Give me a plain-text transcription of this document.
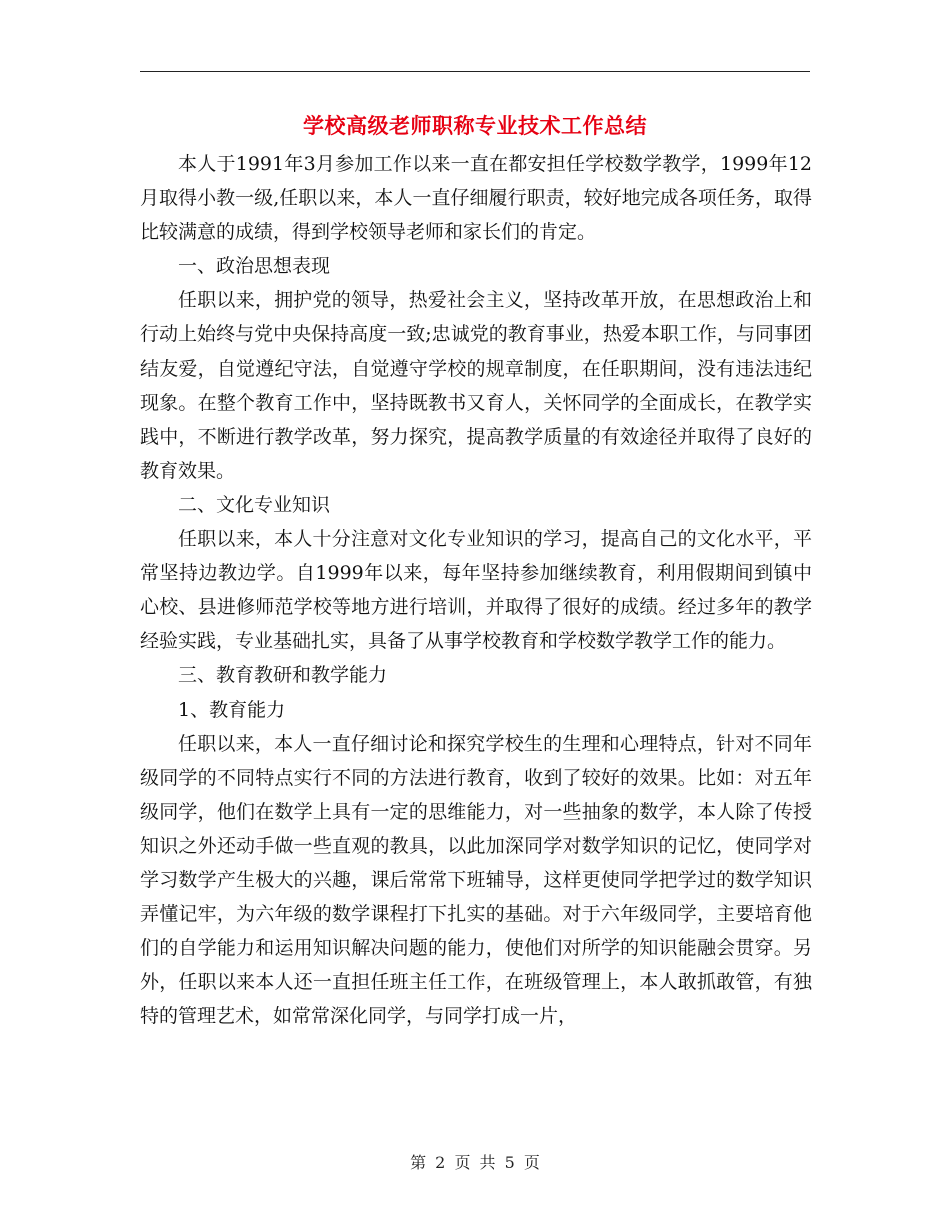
学校高级老师职称专业技术工作总结

本人于1991年3月参加工作以来一直在都安担任学校数学教学，1999年12月取得小教一级,任职以来，本人一直仔细履行职责，较好地完成各项任务，取得比较满意的成绩，得到学校领导老师和家长们的肯定。

一、政治思想表现

任职以来，拥护党的领导，热爱社会主义，坚持改革开放，在思想政治上和行动上始终与党中央保持高度一致;忠诚党的教育事业，热爱本职工作，与同事团结友爱，自觉遵纪守法，自觉遵守学校的规章制度，在任职期间，没有违法违纪现象。在整个教育工作中，坚持既教书又育人，关怀同学的全面成长，在教学实践中，不断进行教学改革，努力探究，提高教学质量的有效途径并取得了良好的教育效果。

二、文化专业知识

任职以来，本人十分注意对文化专业知识的学习，提高自己的文化水平，平常坚持边教边学。自1999年以来，每年坚持参加继续教育，利用假期间到镇中心校、县进修师范学校等地方进行培训，并取得了很好的成绩。经过多年的教学经验实践，专业基础扎实，具备了从事学校教育和学校数学教学工作的能力。

三、教育教研和教学能力

1、教育能力

任职以来，本人一直仔细讨论和探究学校生的生理和心理特点，针对不同年级同学的不同特点实行不同的方法进行教育，收到了较好的效果。比如：对五年级同学，他们在数学上具有一定的思维能力，对一些抽象的数学，本人除了传授知识之外还动手做一些直观的教具，以此加深同学对数学知识的记忆，使同学对学习数学产生极大的兴趣，课后常常下班辅导，这样更使同学把学过的数学知识弄懂记牢，为六年级的数学课程打下扎实的基础。对于六年级同学，主要培育他们的自学能力和运用知识解决问题的能力，使他们对所学的知识能融会贯穿。另外，任职以来本人还一直担任班主任工作，在班级管理上，本人敢抓敢管，有独特的管理艺术，如常常深化同学，与同学打成一片，

第 2 页 共 5 页
